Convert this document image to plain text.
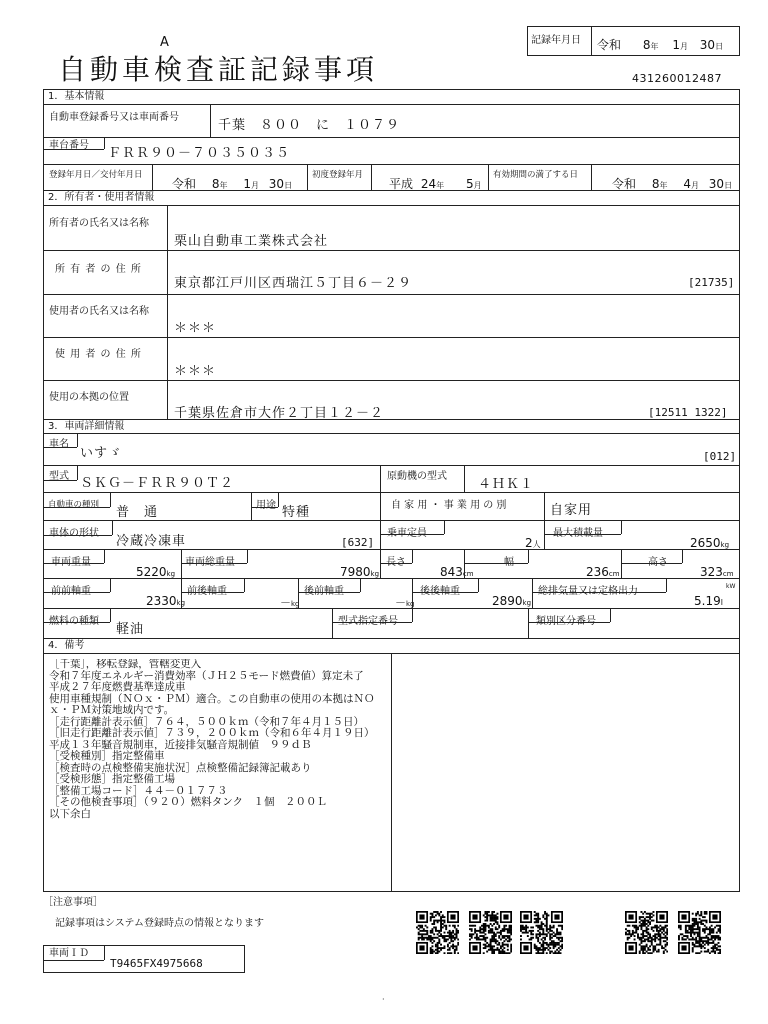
A
自動車検査証記録事項
記録年月日 令和 8年 1月 30日
431260012487
1．基本情報
自動車登録番号又は車両番号
千葉　８００　に　１０７９
車台番号
ＦＲＲ９０－７０３５０３５
登録年月日／交付年月日
令和 8年 1月 30日
初度登録年月
平成 24年 5月
有効期間の満了する日
令和 8年 4月 30日
2．所有者・使用者情報
所有者の氏名又は名称
栗山自動車工業株式会社
所 有 者 の 住 所
東京都江戸川区西瑞江５丁目６－２９	[21735]
使用者の氏名又は名称
＊＊＊
使 用 者 の 住 所
＊＊＊
使用の本拠の位置
千葉県佐倉市大作２丁目１２－２	[12511 1322]
3．車両詳細情報
車名
いすゞ	[012]
型式 ＳＫＧ－ＦＲＲ９０Ｔ２	原動機の型式
４ＨＫ１
自動車の種別 普　通	用途 特種	自 家 用 ・ 事 業 用 の 別	自家用
車体の形状
冷蔵冷凍車	[632]
乗車定員
2人
最大積載量
2650kg
車両重量
5220kg
車両総重量
7980kg
長さ
843cm
幅
236cm
高さ
323cm
前前軸重
2330kg
前後軸重
－kg
後前軸重
－kg
後後軸重
2890kg
総排気量又は定格出力
5.19l
kW
燃料の種類
軽油
型式指定番号	類別区分番号
4．備考
［千葉］，移転登録，管轄変更入
令和７年度エネルギー消費効率（ＪＨ２５モード燃費値）算定未了
平成２７年度燃費基準達成車
使用車種規制（ＮＯｘ・ＰＭ）適合。この自動車の使用の本拠はＮＯ
ｘ・ＰＭ対策地域内です。
［走行距離計表示値］７６４，５００ｋｍ（令和７年４月１５日）
［旧走行距離計表示値］７３９，２００ｋｍ（令和６年４月１９日）
平成１３年騒音規制車，近接排気騒音規制値　９９ｄＢ
［受検種別］指定整備車
［検査時の点検整備実施状況］点検整備記録簿記載あり
［受検形態］指定整備工場
［整備工場コード］４４－０１７７３
［その他検査事項］（９２０）燃料タンク　１個　２００Ｌ
以下余白
［注意事項］
記録事項はシステム登録時点の情報となります
車両ＩＤ
T9465FX4975668
·
